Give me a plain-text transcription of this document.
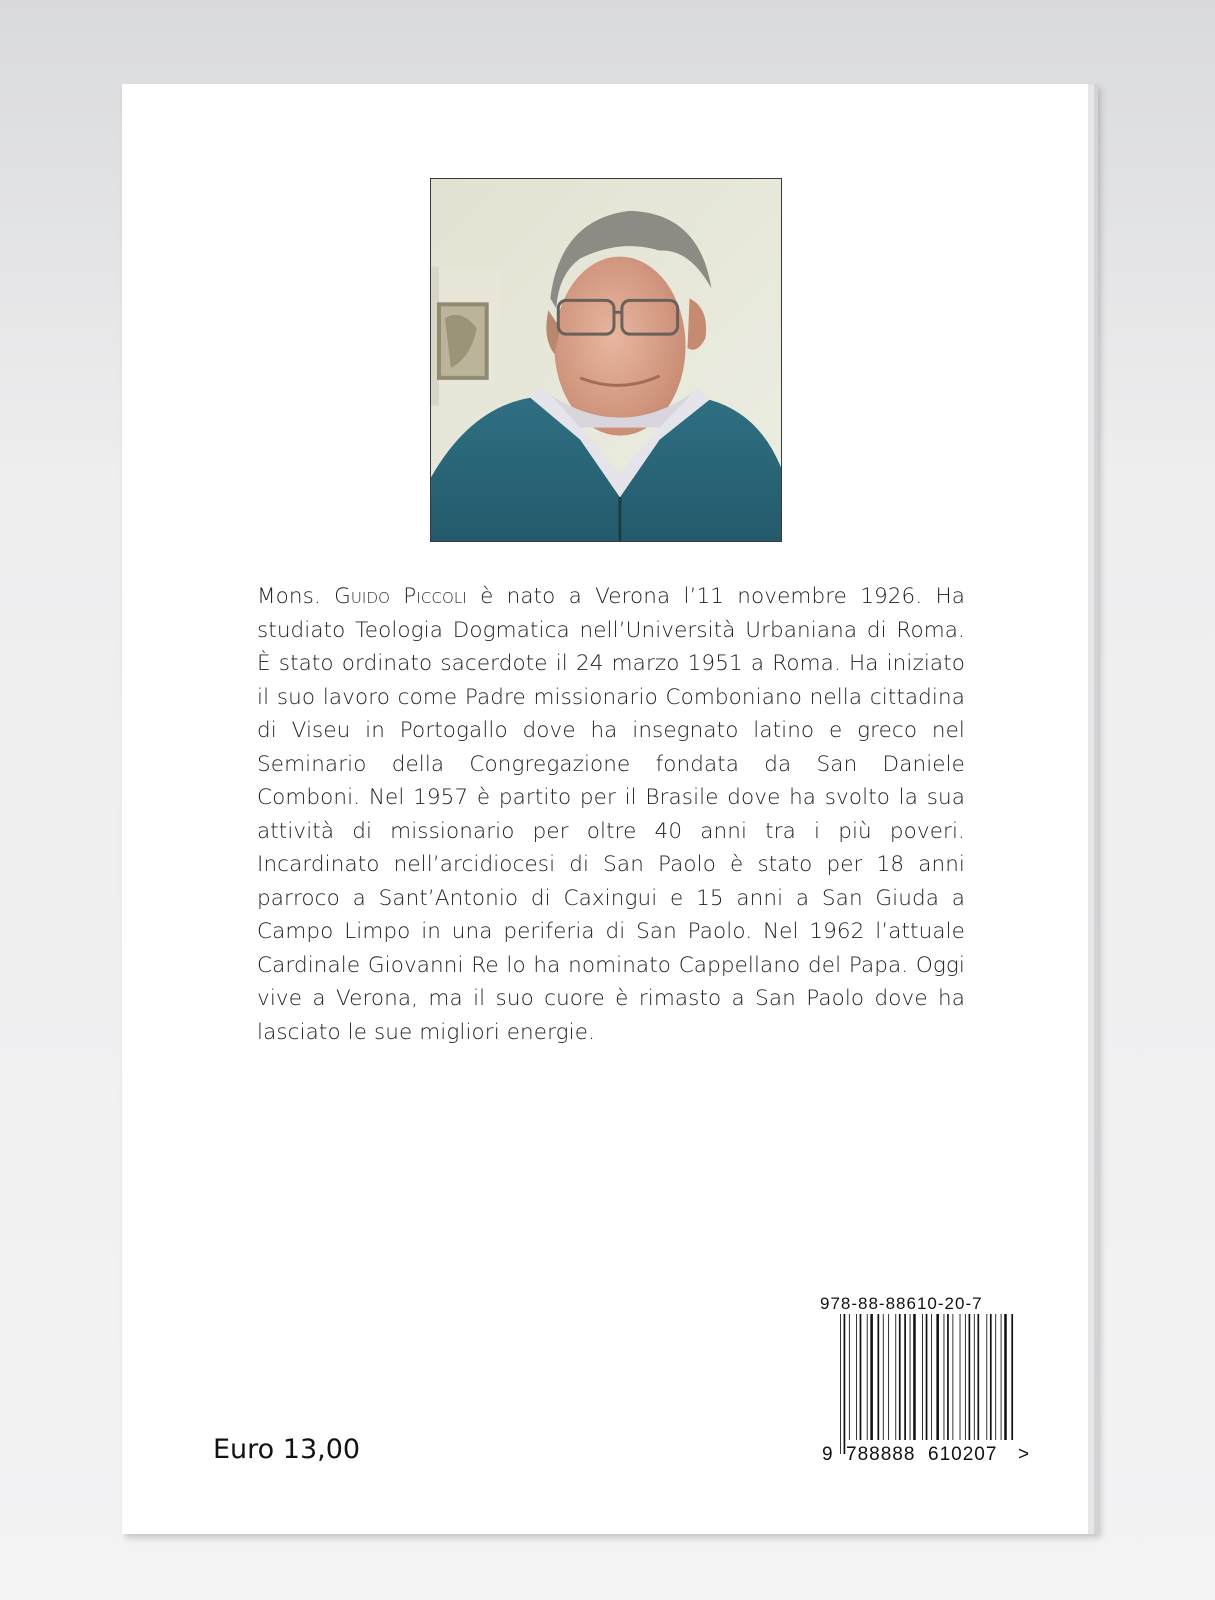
Mons. Guido Piccoli è nato a Verona l’11 novembre 1926. Ha studiato Teologia Dogmatica nell’Università Urbaniana di Roma. È stato ordinato sacerdote il 24 marzo 1951 a Roma. Ha iniziato il suo lavoro come Padre missionario Comboniano nella cittadina di Viseu in Portogallo dove ha insegnato latino e greco nel Seminario della Congregazione fondata da San Daniele Comboni. Nel 1957 è partito per il Brasile dove ha svolto la sua attività di missionario per oltre 40 anni tra i più poveri. Incardinato nell’arcidiocesi di San Paolo è stato per 18 anni parroco a Sant’Antonio di Caxingui e 15 anni a San Giuda a Campo Limpo in una periferia di San Paolo. Nel 1962 l’attuale Cardinale Giovanni Re lo ha nominato Cappellano del Papa. Oggi vive a Verona, ma il suo cuore è rimasto a San Paolo dove ha lasciato le sue migliori energie.
Euro 13,00
978-88-88610-20-7
9 788888 610207 >
